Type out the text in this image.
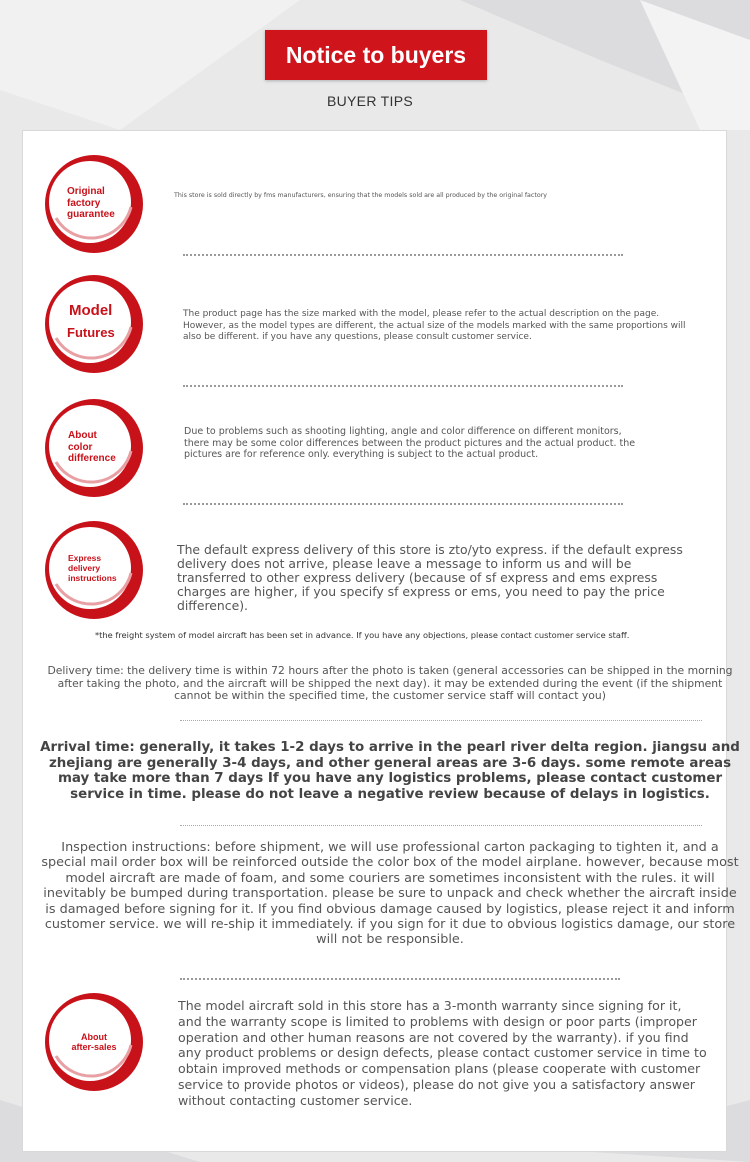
Notice to buyers
BUYER TIPS
Original
factory
guarantee
This store is sold directly by fms manufacturers, ensuring that the models sold are all produced by the original factory
Model
Futures
The product page has the size marked with the model, please refer to the actual description on the page. However, as the model types are different, the actual size of the models marked with the same proportions will also be different. if you have any questions, please consult customer service.
About
color
difference
Due to problems such as shooting lighting, angle and color difference on different monitors, there may be some color differences between the product pictures and the actual product. the pictures are for reference only. everything is subject to the actual product.
Express
delivery
instructions
The default express delivery of this store is zto/yto express. if the default express delivery does not arrive, please leave a message to inform us and will be transferred to other express delivery (because of sf express and ems express charges are higher, if you specify sf express or ems, you need to pay the price difference).
*the freight system of model aircraft has been set in advance. If you have any objections, please contact customer service staff.
Delivery time: the delivery time is within 72 hours after the photo is taken (general accessories can be shipped in the morning after taking the photo, and the aircraft will be shipped the next day). it may be extended during the event (if the shipment cannot be within the specified time, the customer service staff will contact you)
Arrival time: generally, it takes 1-2 days to arrive in the pearl river delta region. jiangsu and zhejiang are generally 3-4 days, and other general areas are 3-6 days. some remote areas may take more than 7 days If you have any logistics problems, please contact customer service in time. please do not leave a negative review because of delays in logistics.
Inspection instructions: before shipment, we will use professional carton packaging to tighten it, and a special mail order box will be reinforced outside the color box of the model airplane. however, because most model aircraft are made of foam, and some couriers are sometimes inconsistent with the rules. it will inevitably be bumped during transportation. please be sure to unpack and check whether the aircraft inside is damaged before signing for it. If you find obvious damage caused by logistics, please reject it and inform customer service. we will re-ship it immediately. if you sign for it due to obvious logistics damage, our store will not be responsible.
About
after-sales
The model aircraft sold in this store has a 3-month warranty since signing for it, and the warranty scope is limited to problems with design or poor parts (improper operation and other human reasons are not covered by the warranty). if you find any product problems or design defects, please contact customer service in time to obtain improved methods or compensation plans (please cooperate with customer service to provide photos or videos), please do not give you a satisfactory answer without contacting customer service.
